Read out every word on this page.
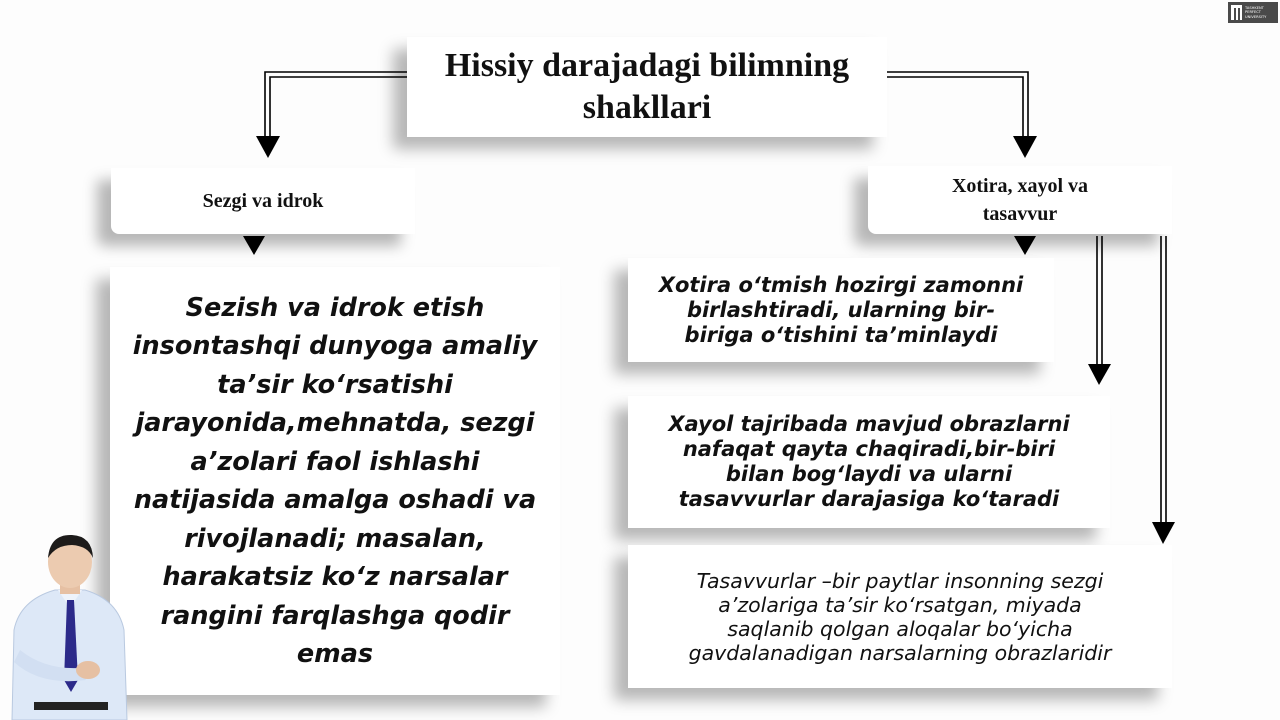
Hissiy darajadagi bilimning shakllari
Sezgi va idrok
Xotira, xayol va tasavvur
Sezish va idrok etish insontashqi dunyoga amaliy ta’sir ko‘rsatishi jarayonida,mehnatda, sezgi a’zolari faol ishlashi natijasida amalga oshadi va rivojlanadi; masalan, harakatsiz ko‘z narsalar rangini farqlashga qodir emas
Xotira o‘tmish hozirgi zamonni birlashtiradi, ularning bir-biriga o‘tishini ta’minlaydi
Xayol tajribada mavjud obrazlarni nafaqat qayta chaqiradi,bir-biri bilan bog‘laydi va ularni tasavvurlar darajasiga ko‘taradi
Tasavvurlar –bir paytlar insonning sezgi a’zolariga ta’sir ko‘rsatgan, miyada saqlanib qolgan aloqalar bo‘yicha gavdalanadigan narsalarning obrazlaridir
TASHKENT
PERFECT
UNIVERSITY
